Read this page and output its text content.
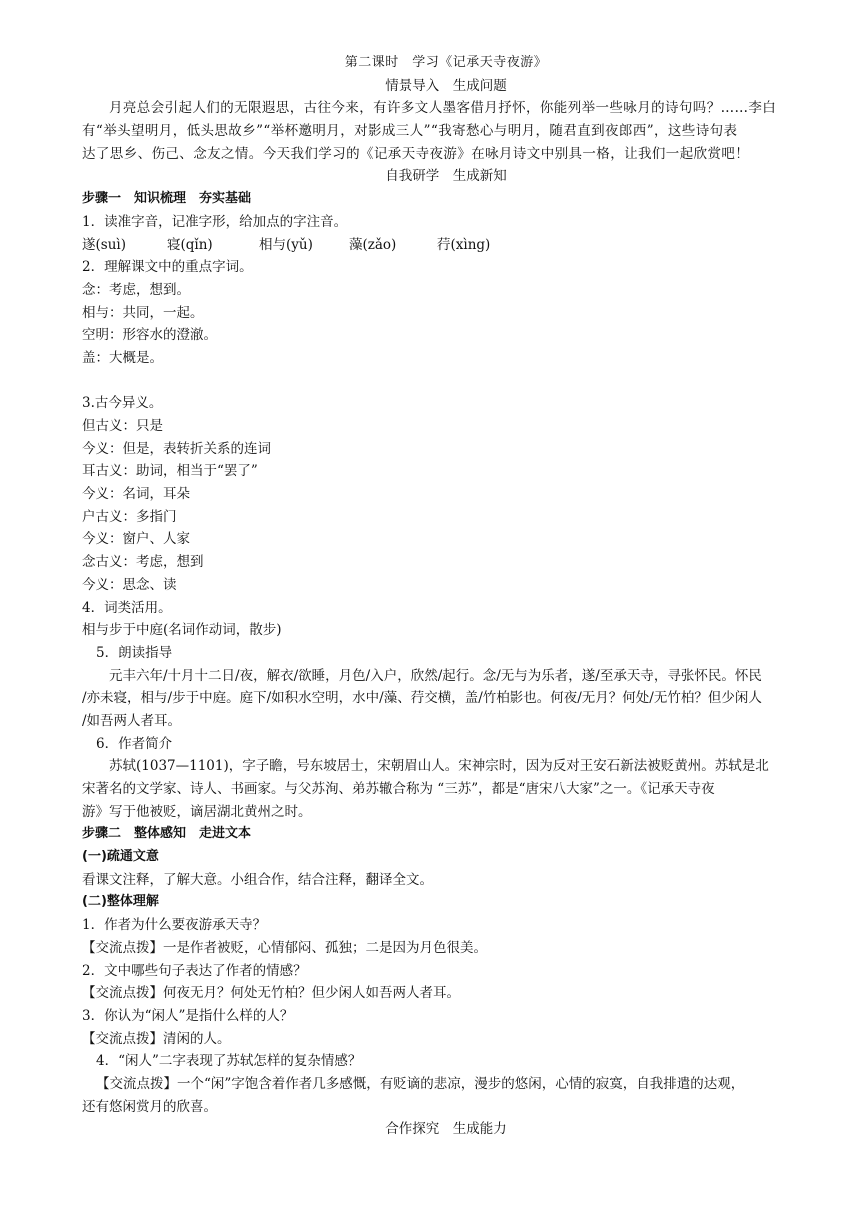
第二课时　学习《记承天寺夜游》
情景导入　生成问题
月亮总会引起人们的无限遐思，古往今来，有许多文人墨客借月抒怀，你能列举一些咏月的诗句吗？……李白
有“举头望明月，低头思故乡”“举杯邀明月，对影成三人”“我寄愁心与明月，随君直到夜郎西”，这些诗句表
达了思乡、伤己、念友之情。今天我们学习的《记承天寺夜游》在咏月诗文中别具一格，让我们一起欣赏吧！
自我研学　生成新知
步骤一　知识梳理　夯实基础
1．读准字音，记准字形，给加点的字注音。
遂(suì)	寝(qǐn)	相与(yǔ)	藻(zǎo)	荇(xìng)
2．理解课文中的重点字词。
念：考虑，想到。
相与：共同，一起。
空明：形容水的澄澈。
盖：大概是。
3.古今异义。
但古义：只是
今义：但是，表转折关系的连词
耳古义：助词，相当于“罢了”
今义：名词，耳朵
户古义：多指门
今义：窗户、人家
念古义：考虑，想到
今义：思念、读
4．词类活用。
相与步于中庭(名词作动词，散步)
5．朗读指导
元丰六年/十月十二日/夜，解衣/欲睡，月色/入户，欣然/起行。念/无与为乐者，遂/至承天寺，寻张怀民。怀民
/亦未寝，相与/步于中庭。庭下/如积水空明，水中/藻、荇交横，盖/竹柏影也。何夜/无月？何处/无竹柏？但少闲人
/如吾两人者耳。
6．作者简介
苏轼(1037—1101)，字子瞻，号东坡居士，宋朝眉山人。宋神宗时，因为反对王安石新法被贬黄州。苏轼是北
宋著名的文学家、诗人、书画家。与父苏洵、弟苏辙合称为 “三苏”，都是“唐宋八大家”之一。《记承天寺夜
游》写于他被贬，谪居湖北黄州之时。
步骤二　整体感知　走进文本
(一)疏通文意
看课文注释，了解大意。小组合作，结合注释，翻译全文。
(二)整体理解
1．作者为什么要夜游承天寺？
【交流点拨】一是作者被贬，心情郁闷、孤独；二是因为月色很美。
2．文中哪些句子表达了作者的情感？
【交流点拨】何夜无月？何处无竹柏？但少闲人如吾两人者耳。
3．你认为“闲人”是指什么样的人？
【交流点拨】清闲的人。
4．“闲人”二字表现了苏轼怎样的复杂情感？
【交流点拨】一个“闲”字饱含着作者几多感慨，有贬谪的悲凉，漫步的悠闲，心情的寂寞，自我排遣的达观，
还有悠闲赏月的欣喜。
合作探究　生成能力
